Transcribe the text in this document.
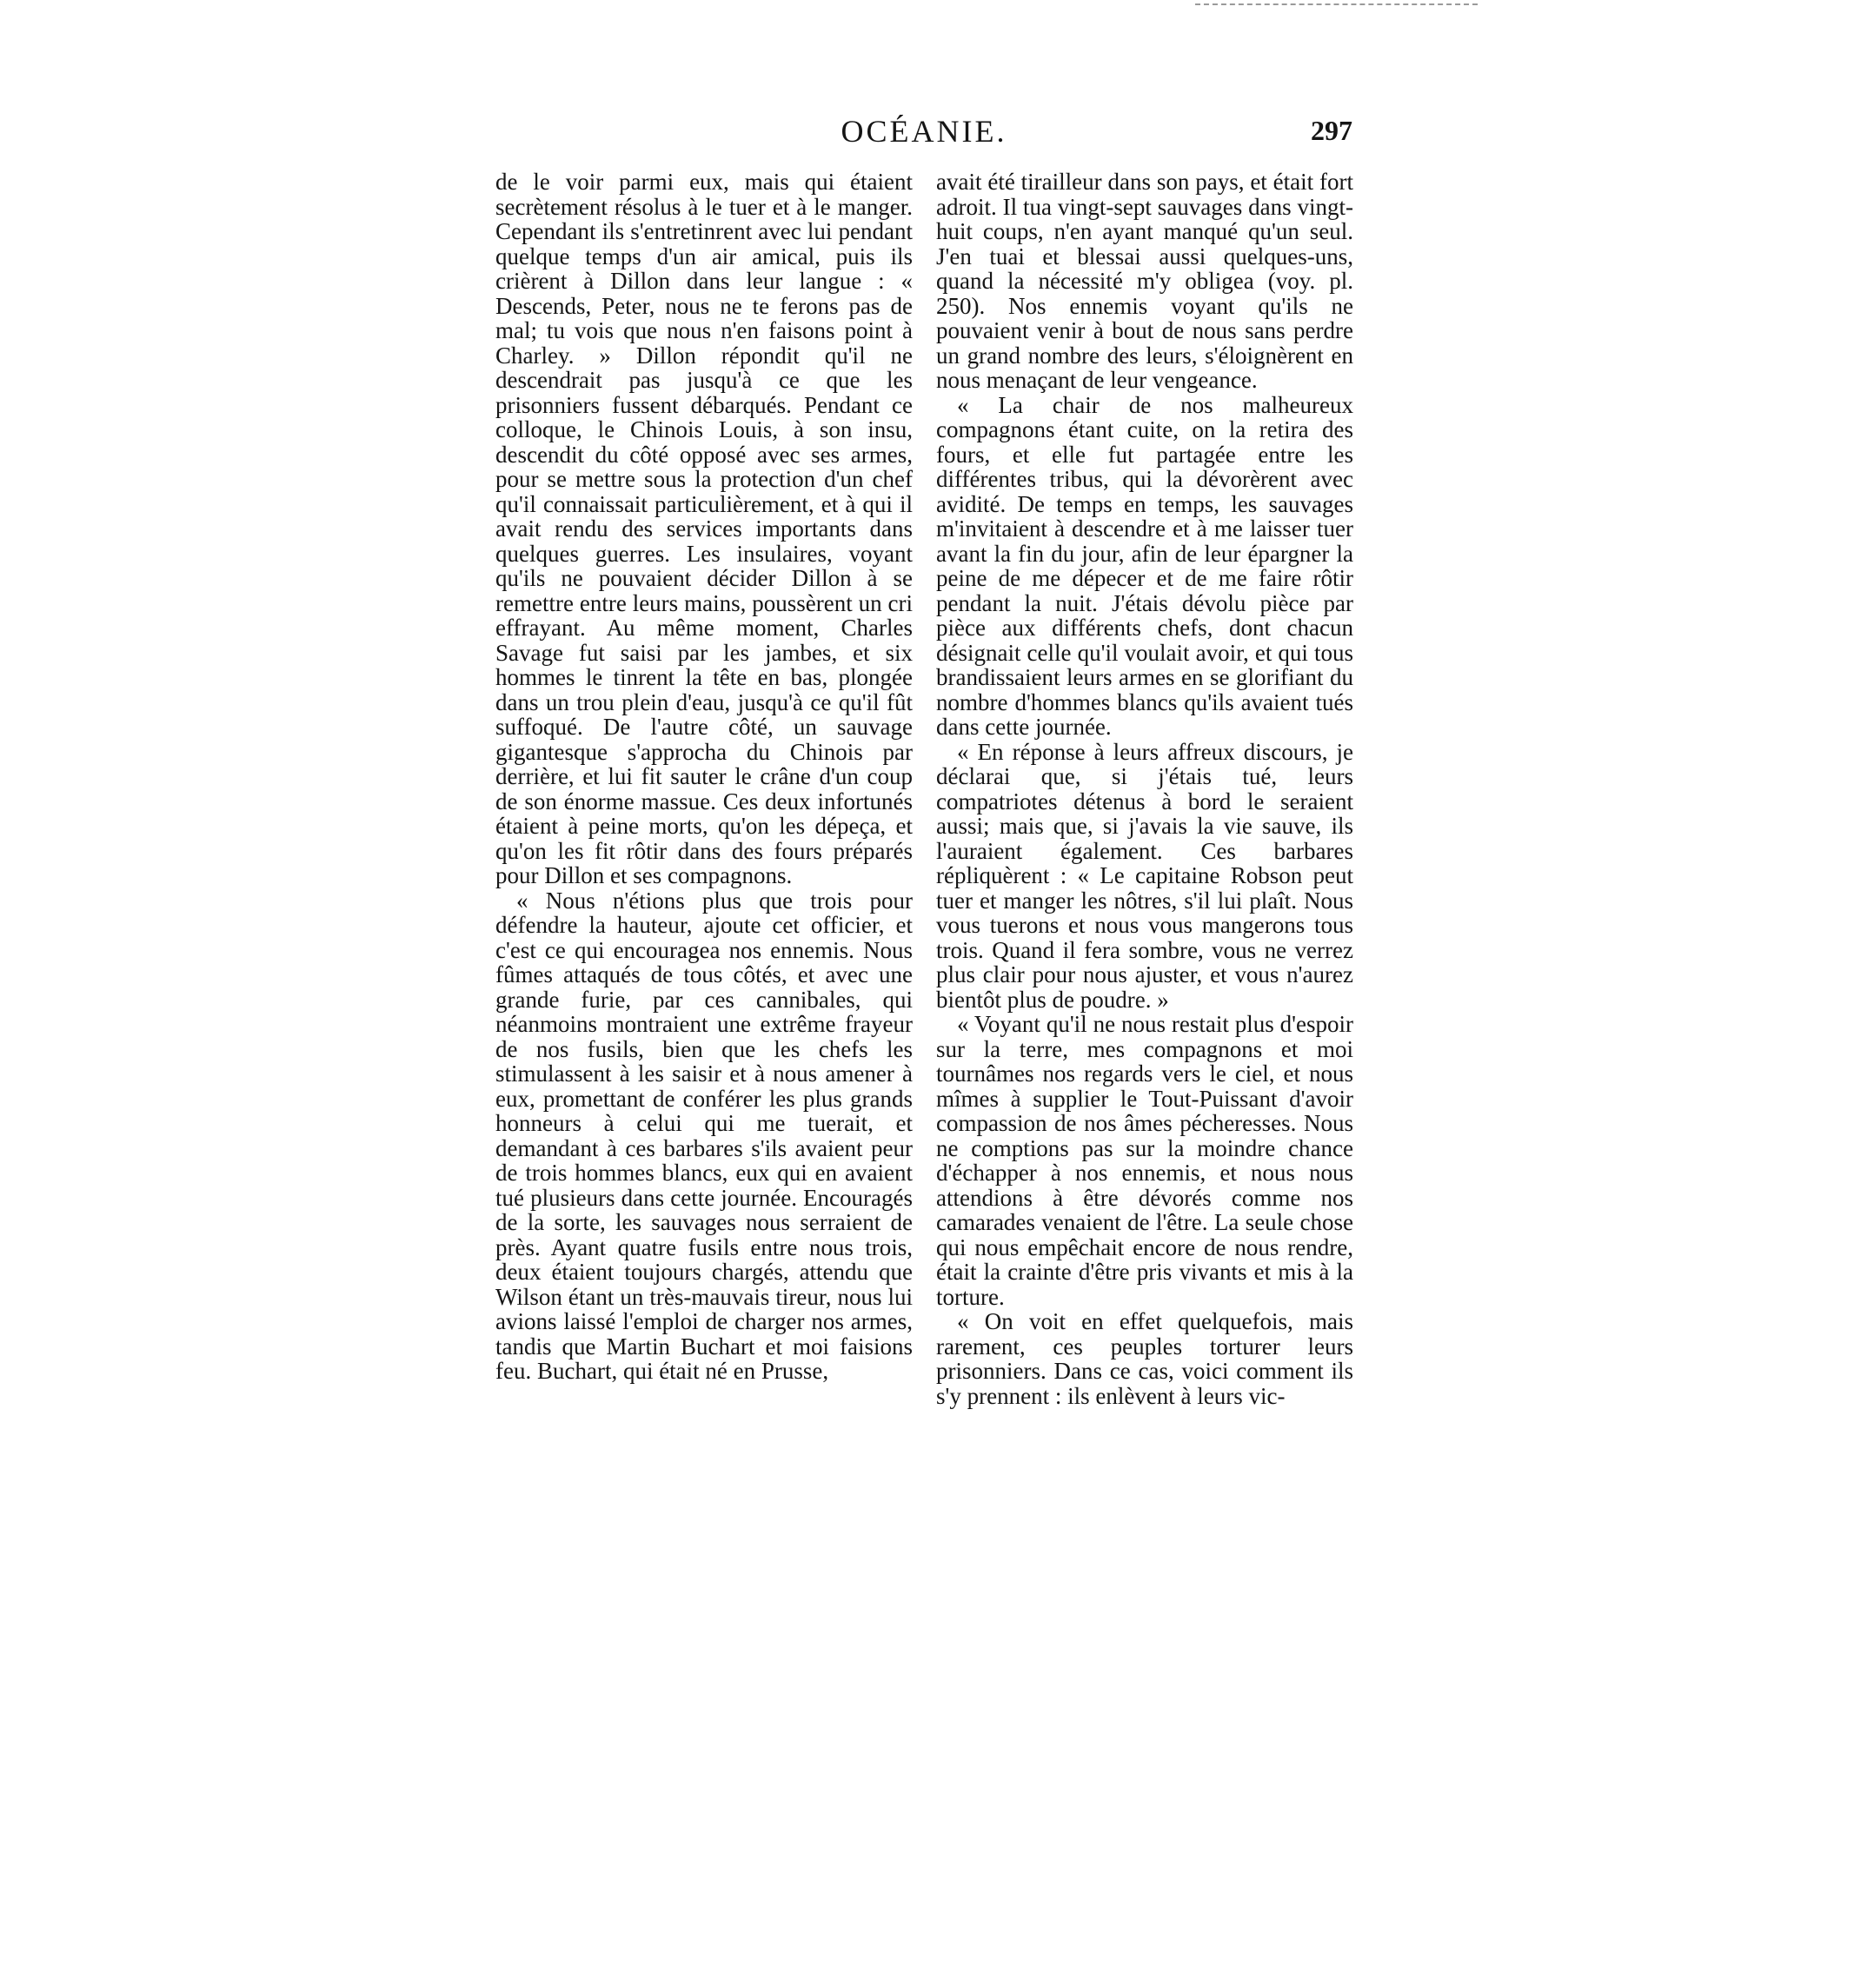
OCÉANIE.	297

de le voir parmi eux, mais qui étaient secrètement résolus à le tuer et à le manger. Cependant ils s'entretinrent avec lui pendant quelque temps d'un air amical, puis ils crièrent à Dillon dans leur langue : « Descends, Peter, nous ne te ferons pas de mal; tu vois que nous n'en faisons point à Charley. » Dillon répondit qu'il ne descendrait pas jusqu'à ce que les prisonniers fussent débarqués. Pendant ce colloque, le Chinois Louis, à son insu, descendit du côté opposé avec ses armes, pour se mettre sous la protection d'un chef qu'il connaissait particulièrement, et à qui il avait rendu des services importants dans quelques guerres. Les insulaires, voyant qu'ils ne pouvaient décider Dillon à se remettre entre leurs mains, poussèrent un cri effrayant. Au même moment, Charles Savage fut saisi par les jambes, et six hommes le tinrent la tête en bas, plongée dans un trou plein d'eau, jusqu'à ce qu'il fût suffoqué. De l'autre côté, un sauvage gigantesque s'approcha du Chinois par derrière, et lui fit sauter le crâne d'un coup de son énorme massue. Ces deux infortunés étaient à peine morts, qu'on les dépeça, et qu'on les fit rôtir dans des fours préparés pour Dillon et ses compagnons.

« Nous n'étions plus que trois pour défendre la hauteur, ajoute cet officier, et c'est ce qui encouragea nos ennemis. Nous fûmes attaqués de tous côtés, et avec une grande furie, par ces cannibales, qui néanmoins montraient une extrême frayeur de nos fusils, bien que les chefs les stimulassent à les saisir et à nous amener à eux, promettant de conférer les plus grands honneurs à celui qui me tuerait, et demandant à ces barbares s'ils avaient peur de trois hommes blancs, eux qui en avaient tué plusieurs dans cette journée. Encouragés de la sorte, les sauvages nous serraient de près. Ayant quatre fusils entre nous trois, deux étaient toujours chargés, attendu que Wilson étant un très-mauvais tireur, nous lui avions laissé l'emploi de charger nos armes, tandis que Martin Buchart et moi faisions feu. Buchart, qui était né en Prusse,

avait été tirailleur dans son pays, et était fort adroit. Il tua vingt-sept sauvages dans vingt-huit coups, n'en ayant manqué qu'un seul. J'en tuai et blessai aussi quelques-uns, quand la nécessité m'y obligea (voy. pl. 250). Nos ennemis voyant qu'ils ne pouvaient venir à bout de nous sans perdre un grand nombre des leurs, s'éloignèrent en nous menaçant de leur vengeance.

« La chair de nos malheureux compagnons étant cuite, on la retira des fours, et elle fut partagée entre les différentes tribus, qui la dévorèrent avec avidité. De temps en temps, les sauvages m'invitaient à descendre et à me laisser tuer avant la fin du jour, afin de leur épargner la peine de me dépecer et de me faire rôtir pendant la nuit. J'étais dévolu pièce par pièce aux différents chefs, dont chacun désignait celle qu'il voulait avoir, et qui tous brandissaient leurs armes en se glorifiant du nombre d'hommes blancs qu'ils avaient tués dans cette journée.

« En réponse à leurs affreux discours, je déclarai que, si j'étais tué, leurs compatriotes détenus à bord le seraient aussi; mais que, si j'avais la vie sauve, ils l'auraient également. Ces barbares répliquèrent : « Le capitaine Robson peut tuer et manger les nôtres, s'il lui plaît. Nous vous tuerons et nous vous mangerons tous trois. Quand il fera sombre, vous ne verrez plus clair pour nous ajuster, et vous n'aurez bientôt plus de poudre. »

« Voyant qu'il ne nous restait plus d'espoir sur la terre, mes compagnons et moi tournâmes nos regards vers le ciel, et nous mîmes à supplier le Tout-Puissant d'avoir compassion de nos âmes pécheresses. Nous ne comptions pas sur la moindre chance d'échapper à nos ennemis, et nous nous attendions à être dévorés comme nos camarades venaient de l'être. La seule chose qui nous empêchait encore de nous rendre, était la crainte d'être pris vivants et mis à la torture.

« On voit en effet quelquefois, mais rarement, ces peuples torturer leurs prisonniers. Dans ce cas, voici comment ils s'y prennent : ils enlèvent à leurs vic-
